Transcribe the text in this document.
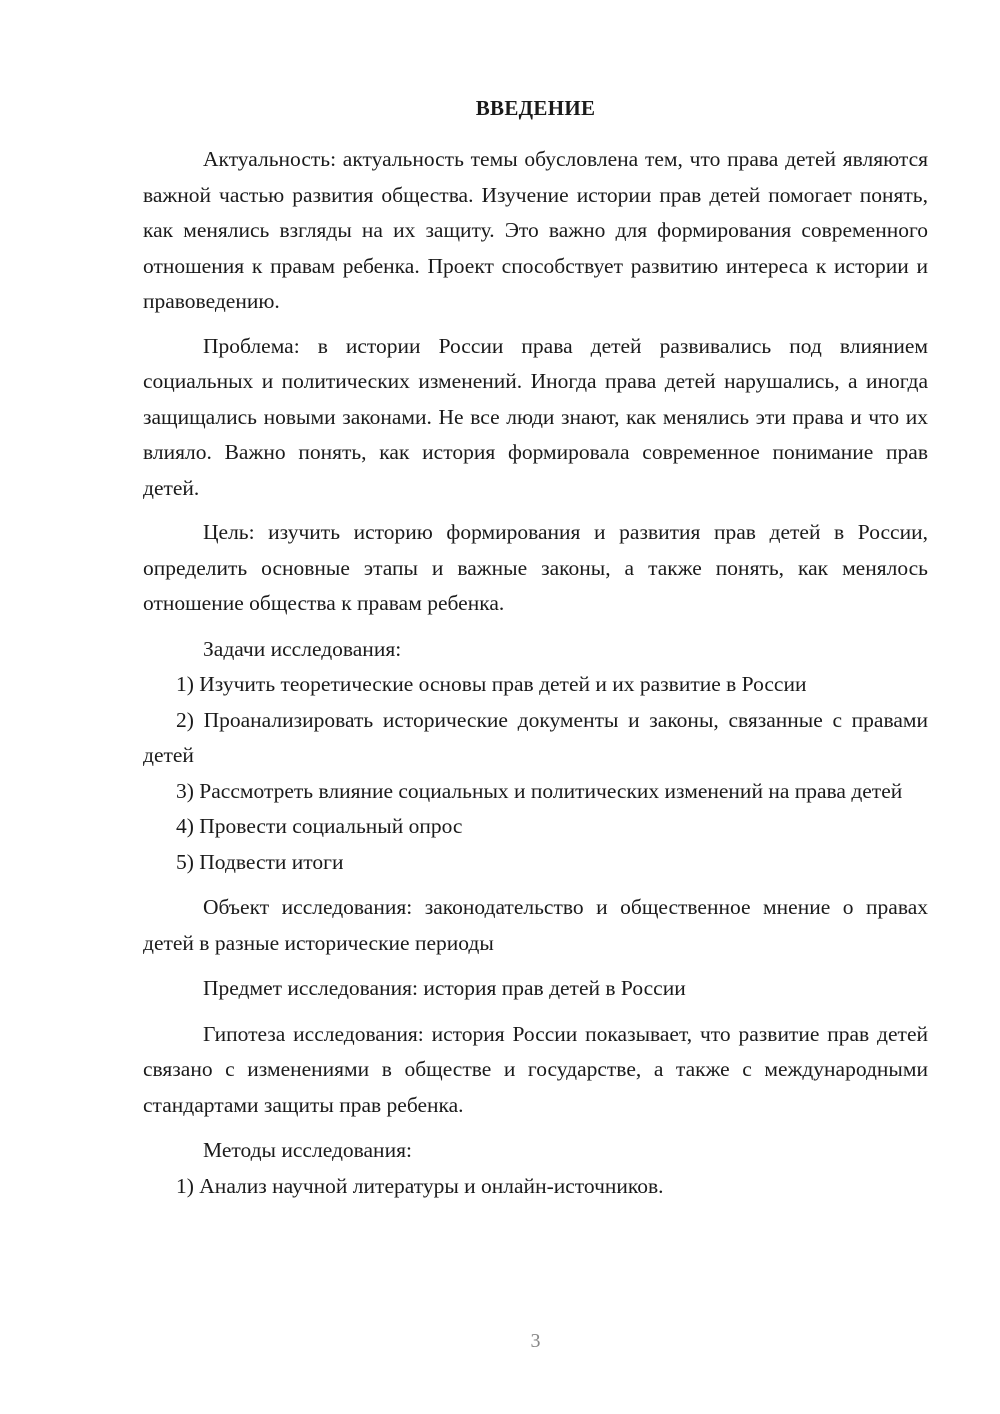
ВВЕДЕНИЕ

Актуальность: актуальность темы обусловлена тем, что права детей являются важной частью развития общества. Изучение истории прав детей помогает понять, как менялись взгляды на их защиту. Это важно для формирования современного отношения к правам ребенка. Проект способствует развитию интереса к истории и правоведению.

Проблема: в истории России права детей развивались под влиянием социальных и политических изменений. Иногда права детей нарушались, а иногда защищались новыми законами. Не все люди знают, как менялись эти права и что их влияло. Важно понять, как история формировала современное понимание прав детей.

Цель: изучить историю формирования и развития прав детей в России, определить основные этапы и важные законы, а также понять, как менялось отношение общества к правам ребенка.

Задачи исследования:

1) Изучить теоретические основы прав детей и их развитие в России

2) Проанализировать исторические документы и законы, связанные с правами детей

3) Рассмотреть влияние социальных и политических изменений на права детей

4) Провести социальный опрос

5) Подвести итоги

Объект исследования: законодательство и общественное мнение о правах детей в разные исторические периоды

Предмет исследования: история прав детей в России

Гипотеза исследования: история России показывает, что развитие прав детей связано с изменениями в обществе и государстве, а также с международными стандартами защиты прав ребенка.

Методы исследования:

1) Анализ научной литературы и онлайн-источников.

3
